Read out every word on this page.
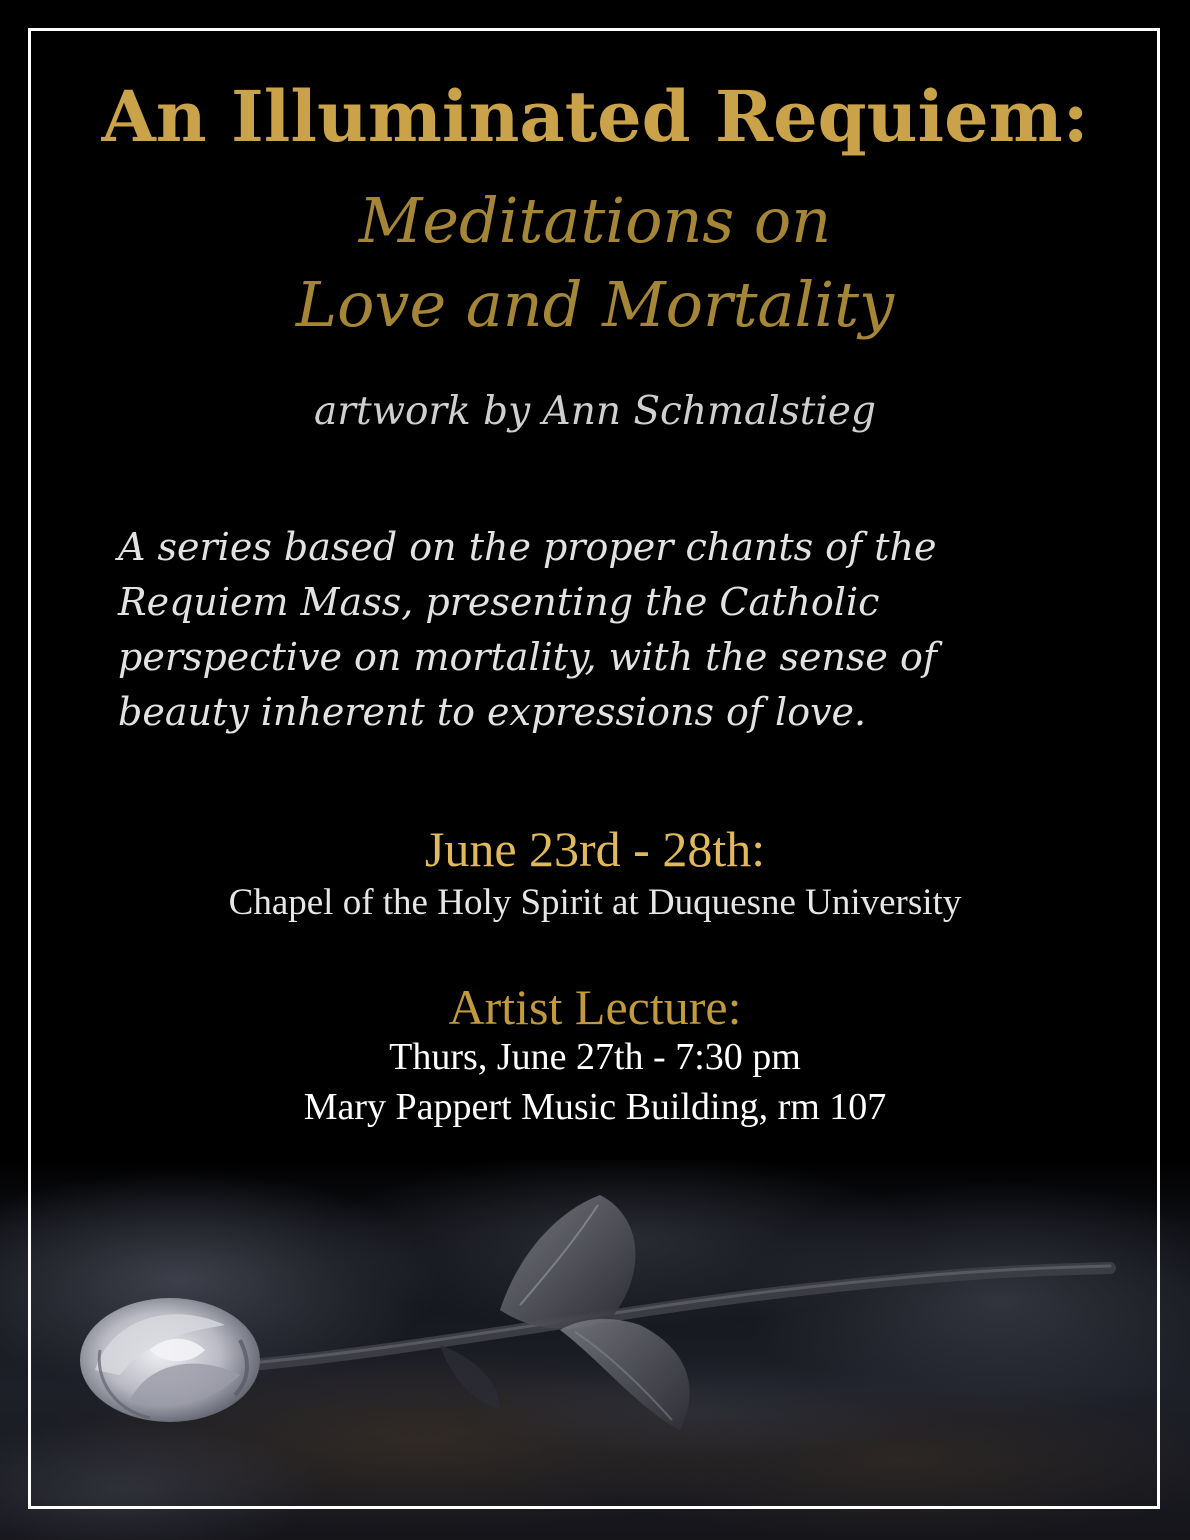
An Illuminated Requiem:
Meditations on
Love and Mortality
artwork by Ann Schmalstieg

A series based on the proper chants of the
Requiem Mass, presenting the Catholic
perspective on mortality, with the sense of
beauty inherent to expressions of love.

June 23rd - 28th:
Chapel of the Holy Spirit at Duquesne University
Artist Lecture:
Thurs, June 27th - 7:30 pm
Mary Pappert Music Building, rm 107
